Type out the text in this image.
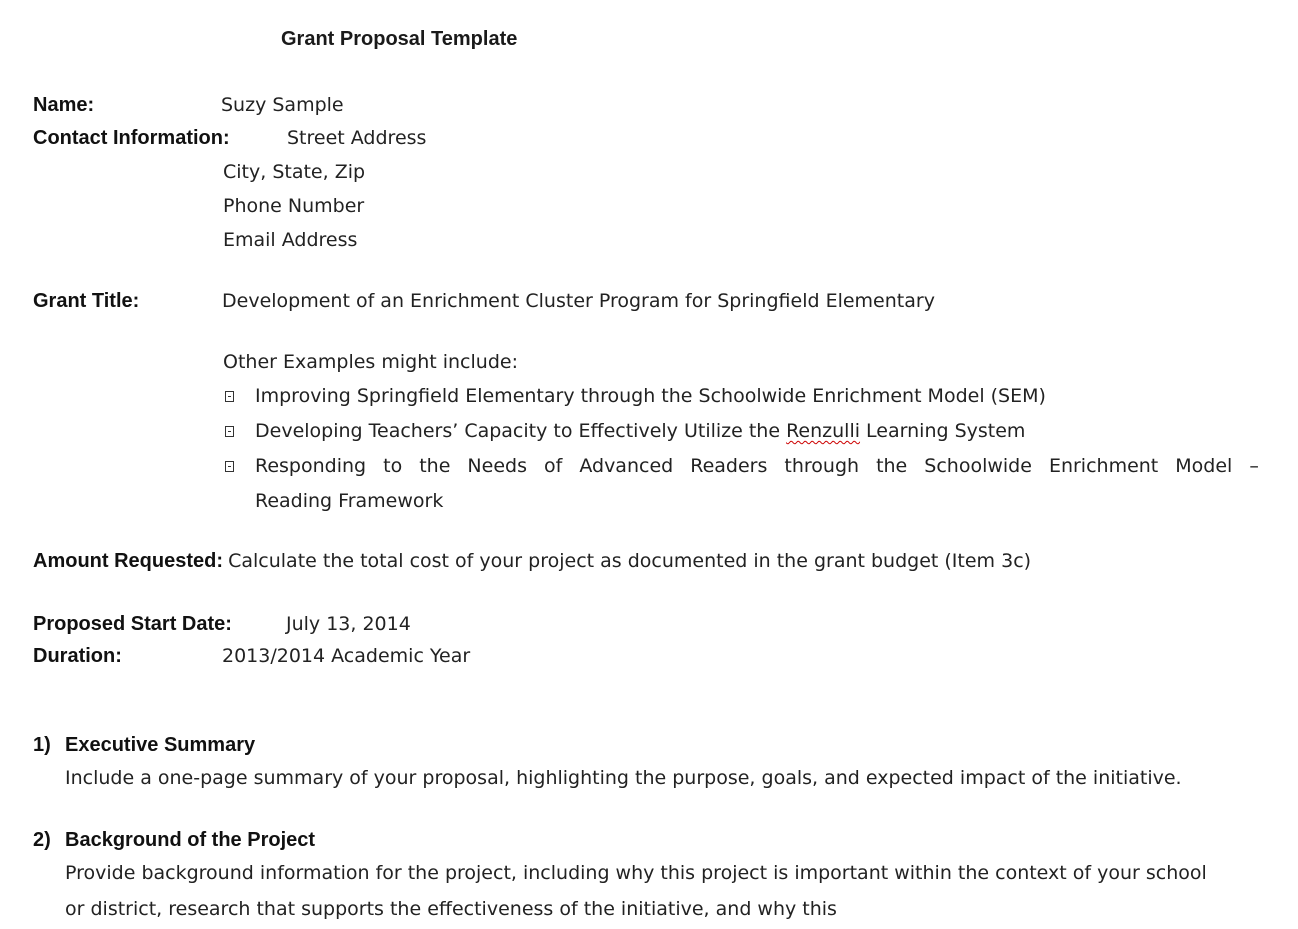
Grant Proposal Template
Name:	Suzy Sample
Contact Information:	Street Address
City, State, Zip
Phone Number
Email Address
Grant Title:	Development of an Enrichment Cluster Program for Springfield Elementary
Other Examples might include:
Improving Springfield Elementary through the Schoolwide Enrichment Model (SEM)
Developing Teachers’ Capacity to Effectively Utilize the Renzulli Learning System
Responding to the Needs of Advanced Readers through the Schoolwide Enrichment Model –
Reading Framework
Amount Requested: Calculate the total cost of your project as documented in the grant budget (Item 3c)
Proposed Start Date:	July 13, 2014
Duration:	2013/2014 Academic Year
1) Executive Summary
Include a one-page summary of your proposal, highlighting the purpose, goals, and expected impact of the initiative.
2) Background of the Project
Provide background information for the project, including why this project is important within the context of your school
or district, research that supports the effectiveness of the initiative, and why this
